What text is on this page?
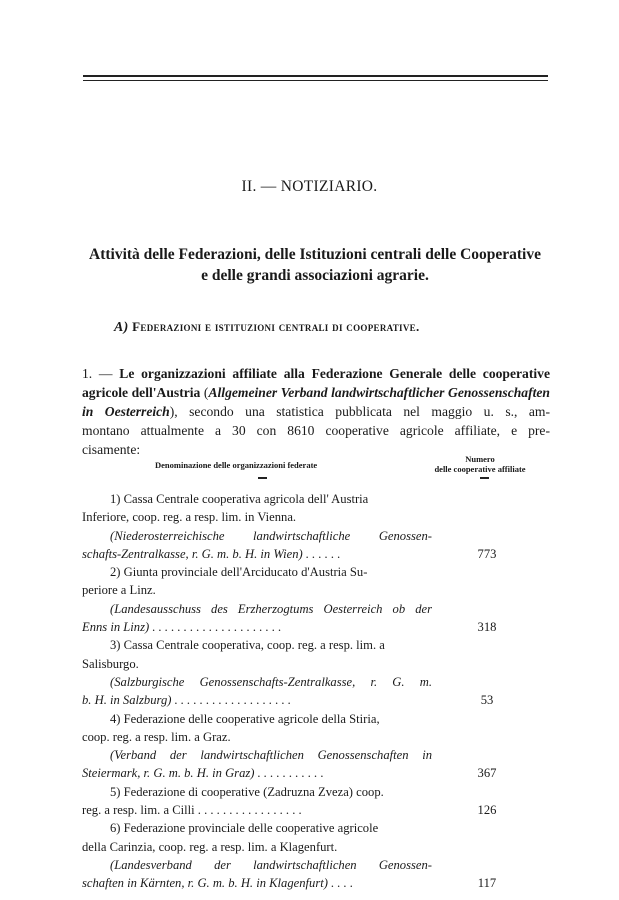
II. — NOTIZIARIO.
Attività delle Federazioni, delle Istituzioni centrali delle Cooperative
e delle grandi associazioni agrarie.
A) Federazioni e istituzioni centrali di cooperative.
1. — Le organizzazioni affiliate alla Federazione Generale delle cooperative
agricole dell'Austria (Allgemeiner Verband landwirtschaftlicher Genossenschaften
in Oesterreich), secondo una statistica pubblicata nel maggio u. s., am-
montano attualmente a 30 con 8610 cooperative agricole affiliate, e pre-
cisamente:
Denominazione delle organizzazioni federate
Numero
delle cooperative affiliate
1) Cassa Centrale cooperativa agricola dell' Austria
Inferiore, coop. reg. a resp. lim. in Vienna.
(Niederosterreichische landwirtschaftliche Genossen-
schafts-Zentralkasse, r. G. m. b. H. in Wien) . . . . . .	773
2) Giunta provinciale dell'Arciducato d'Austria Su-
periore a Linz.
(Landesausschuss des Erzherzogtums Oesterreich ob der
Enns in Linz) . . . . . . . . . . . . . . . . . . . . .	318
3) Cassa Centrale cooperativa, coop. reg. a resp. lim. a
Salisburgo.
(Salzburgische Genossenschafts-Zentralkasse, r. G. m.
b. H. in Salzburg) . . . . . . . . . . . . . . . . . . .	53
4) Federazione delle cooperative agricole della Stiria,
coop. reg. a resp. lim. a Graz.
(Verband der landwirtschaftlichen Genossenschaften in
Steiermark, r. G. m. b. H. in Graz) . . . . . . . . . . .	367
5) Federazione di cooperative (Zadruzna Zveza) coop.
reg. a resp. lim. a Cilli . . . . . . . . . . . . . . . . .	126
6) Federazione provinciale delle cooperative agricole
della Carinzia, coop. reg. a resp. lim. a Klagenfurt.
(Landesverband der landwirtschaftlichen Genossen-
schaften in Kärnten, r. G. m. b. H. in Klagenfurt) . . . .	117
